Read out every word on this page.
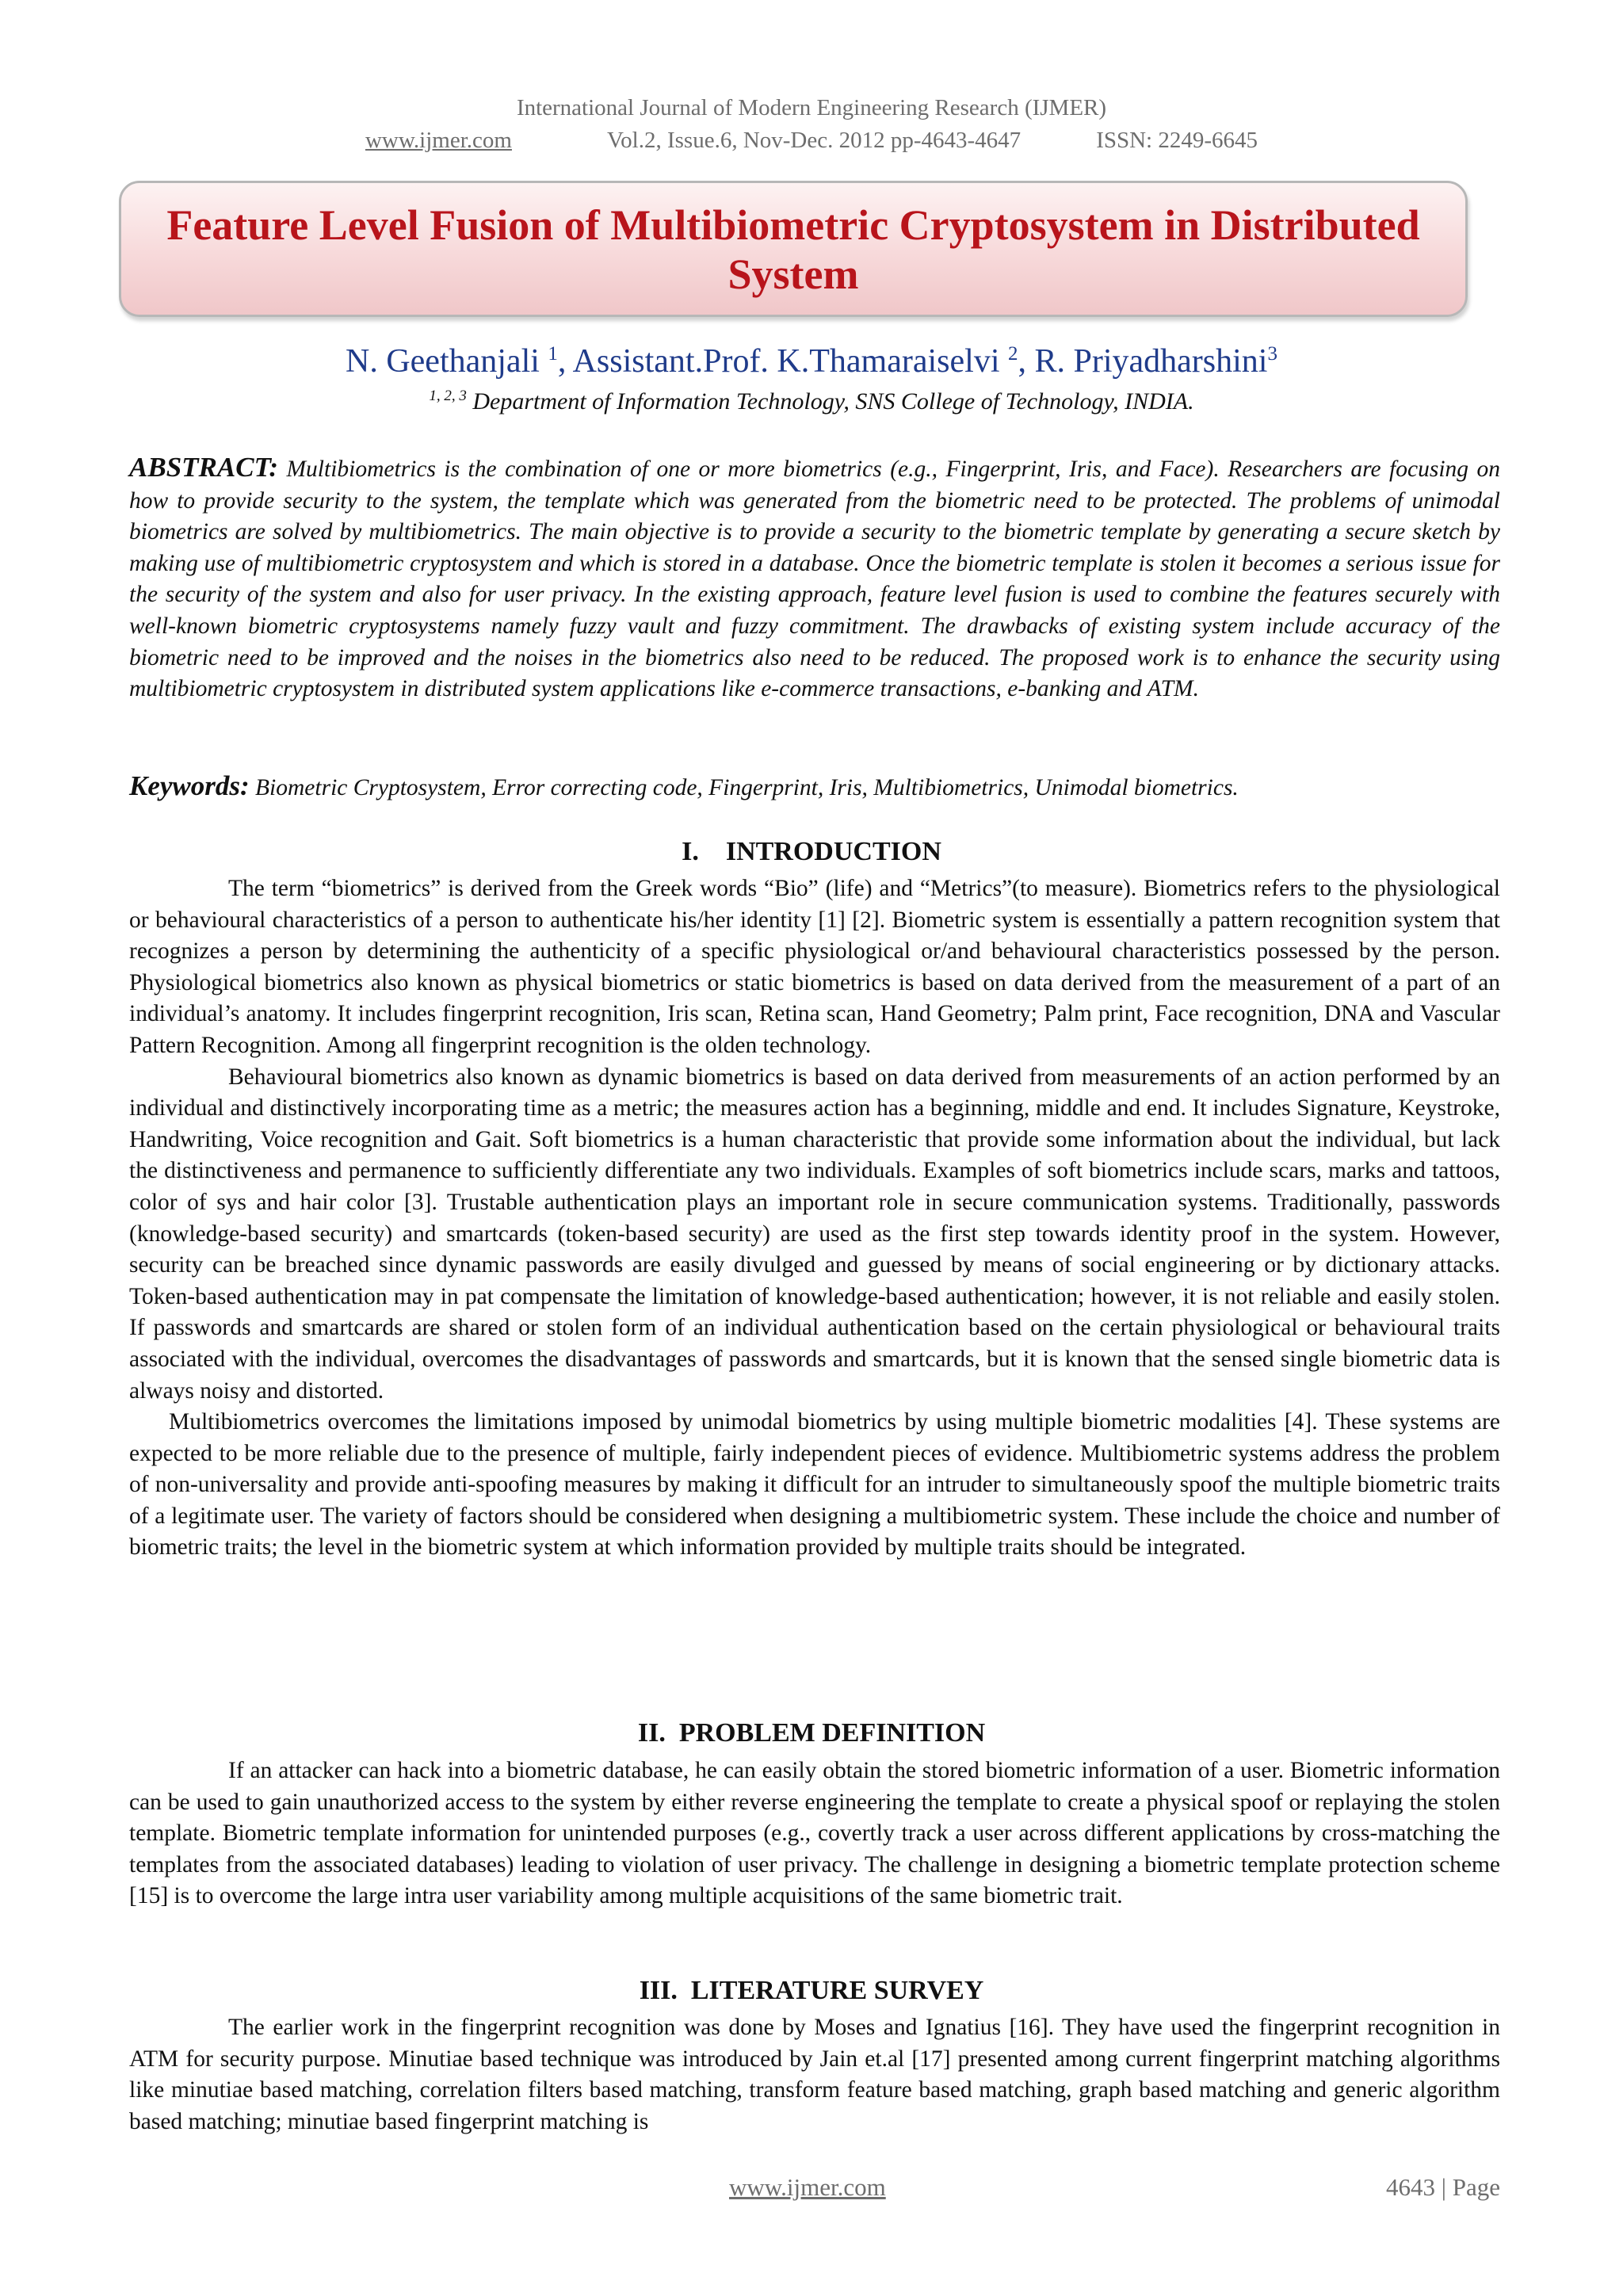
International Journal of Modern Engineering Research (IJMER)
www.ijmer.com	Vol.2, Issue.6, Nov-Dec. 2012 pp-4643-4647	ISSN: 2249-6645
Feature Level Fusion of Multibiometric Cryptosystem in Distributed
System
N. Geethanjali $^1$, Assistant.Prof. K.Thamaraiselvi $^2$, R. Priyadharshini$^3$
$^{1, 2, 3}$ Department of Information Technology, SNS College of Technology, INDIA.
ABSTRACT: Multibiometrics is the combination of one or more biometrics (e.g., Fingerprint, Iris, and Face). Researchers are focusing on how to provide security to the system, the template which was generated from the biometric need to be protected. The problems of unimodal biometrics are solved by multibiometrics. The main objective is to provide a security to the biometric template by generating a secure sketch by making use of multibiometric cryptosystem and which is stored in a database. Once the biometric template is stolen it becomes a serious issue for the security of the system and also for user privacy. In the existing approach, feature level fusion is used to combine the features securely with well-known biometric cryptosystems namely fuzzy vault and fuzzy commitment. The drawbacks of existing system include accuracy of the biometric need to be improved and the noises in the biometrics also need to be reduced. The proposed work is to enhance the security using multibiometric cryptosystem in distributed system applications like e-commerce transactions, e-banking and ATM.
Keywords: Biometric Cryptosystem, Error correcting code, Fingerprint, Iris, Multibiometrics, Unimodal biometrics.
I.    INTRODUCTION

The term “biometrics” is derived from the Greek words “Bio” (life) and “Metrics”(to measure). Biometrics refers to the physiological or behavioural characteristics of a person to authenticate his/her identity [1] [2]. Biometric system is essentially a pattern recognition system that recognizes a person by determining the authenticity of a specific physiological or/and behavioural characteristics possessed by the person. Physiological biometrics also known as physical biometrics or static biometrics is based on data derived from the measurement of a part of an individual’s anatomy. It includes fingerprint recognition, Iris scan, Retina scan, Hand Geometry; Palm print, Face recognition, DNA and Vascular Pattern Recognition. Among all fingerprint recognition is the olden technology.

Behavioural biometrics also known as dynamic biometrics is based on data derived from measurements of an action performed by an individual and distinctively incorporating time as a metric; the measures action has a beginning, middle and end. It includes Signature, Keystroke, Handwriting, Voice recognition and Gait. Soft biometrics is a human characteristic that provide some information about the individual, but lack the distinctiveness and permanence to sufficiently differentiate any two individuals. Examples of soft biometrics include scars, marks and tattoos, color of sys and hair color [3]. Trustable authentication plays an important role in secure communication systems. Traditionally, passwords (knowledge-based security) and smartcards (token-based security) are used as the first step towards identity proof in the system. However, security can be breached since dynamic passwords are easily divulged and guessed by means of social engineering or by dictionary attacks. Token-based authentication may in pat compensate the limitation of knowledge-based authentication; however, it is not reliable and easily stolen. If passwords and smartcards are shared or stolen form of an individual authentication based on the certain physiological or behavioural traits associated with the individual, overcomes the disadvantages of passwords and smartcards, but it is known that the sensed single biometric data is always noisy and distorted.

Multibiometrics overcomes the limitations imposed by unimodal biometrics by using multiple biometric modalities [4]. These systems are expected to be more reliable due to the presence of multiple, fairly independent pieces of evidence. Multibiometric systems address the problem of non-universality and provide anti-spoofing measures by making it difficult for an intruder to simultaneously spoof the multiple biometric traits of a legitimate user. The variety of factors should be considered when designing a multibiometric system. These include the choice and number of biometric traits; the level in the biometric system at which information provided by multiple traits should be integrated.

II.  PROBLEM DEFINITION

If an attacker can hack into a biometric database, he can easily obtain the stored biometric information of a user. Biometric information can be used to gain unauthorized access to the system by either reverse engineering the template to create a physical spoof or replaying the stolen template. Biometric template information for unintended purposes (e.g., covertly track a user across different applications by cross-matching the templates from the associated databases) leading to violation of user privacy. The challenge in designing a biometric template protection scheme [15] is to overcome the large intra user variability among multiple acquisitions of the same biometric trait.

III.  LITERATURE SURVEY

The earlier work in the fingerprint recognition was done by Moses and Ignatius [16]. They have used the fingerprint recognition in ATM for security purpose. Minutiae based technique was introduced by Jain et.al [17] presented among current fingerprint matching algorithms like minutiae based matching, correlation filters based matching, transform feature based matching, graph based matching and generic algorithm based matching; minutiae based fingerprint matching is

www.ijmer.com	4643 | Page
